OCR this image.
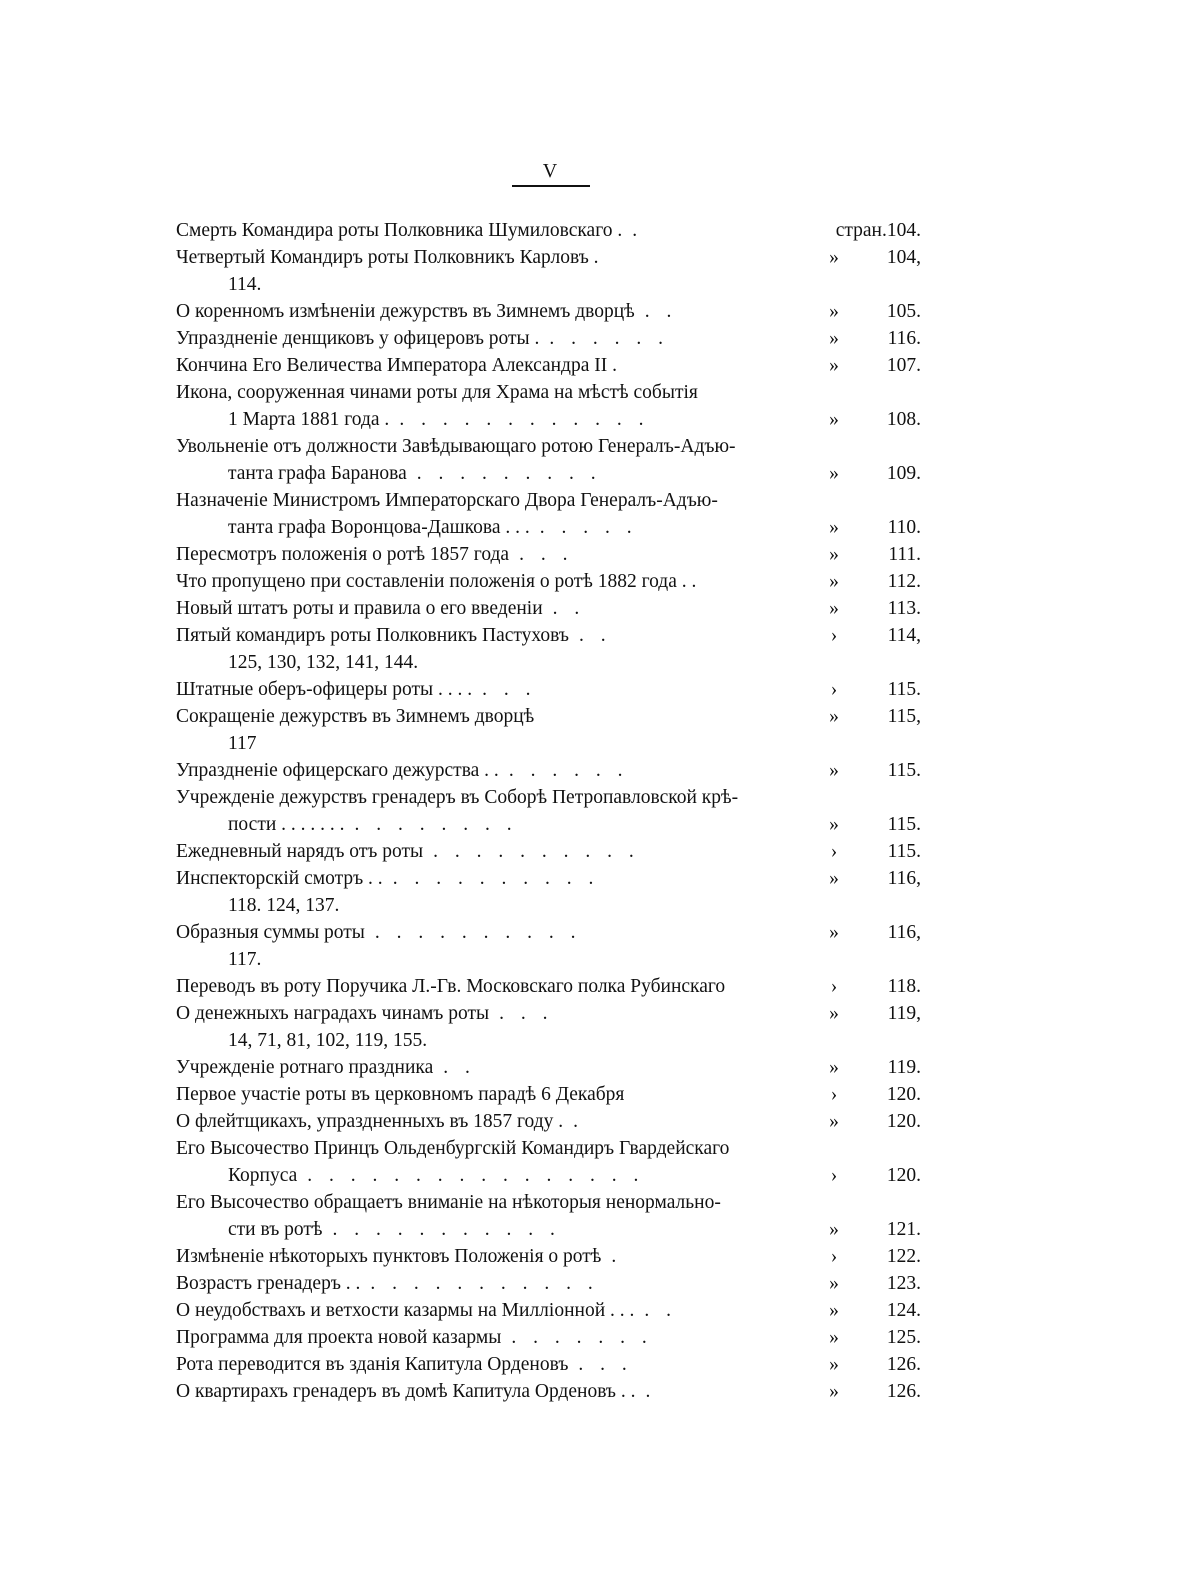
V
Смерть Командира роты Полковника Шумиловскаго . .	стран.104.
Четвертый Командиръ роты Полковникъ Карловъ .	»	104,
114.
О коренномъ измѣненіи дежурствъ въ Зимнемъ дворцѣ . .	»	105.
Упраздненіе денщиковъ у офицеровъ роты . . . . . . .	»	116.
Кончина Его Величества Императора Александра II .	»	107.
Икона, сооруженная чинами роты для Храма на мѣстѣ событія
1 Марта 1881 года . . . . . . . . . . . . .	»	108.
Увольненіе отъ должности Завѣдывающаго ротою Генералъ-Адъю-
танта графа Баранова . . . . . . . . .	»	109.
Назначеніе Министромъ Императорскаго Двора Генералъ-Адъю-
танта графа Воронцова-Дашкова . . . . . . . .	»	110.
Пересмотръ положенія о ротѣ 1857 года . . .	»	111.
Что пропущено при составленіи положенія о ротѣ 1882 года . .	»	112.
Новый штатъ роты и правила о его введеніи . .	»	113.
Пятый командиръ роты Полковникъ Пастуховъ . .	›	114,
125, 130, 132, 141, 144.
Штатные оберъ-офицеры роты . . . . . . .	›	115.
Сокращеніе дежурствъ въ Зимнемъ дворцѣ	»	115,
117
Упраздненіе офицерскаго дежурства . . . . . . . .	»	115.
Учрежденіе дежурствъ гренадеръ въ Соборѣ Петропавловской крѣ-
пости . . . . . . . . . . . . . . .	»	115.
Ежедневный нарядъ отъ роты . . . . . . . . . .	›	115.
Инспекторскій смотръ . . . . . . . . . . . .	»	116,
118. 124, 137.
Образныя суммы роты . . . . . . . . . .	»	116,
117.
Переводъ въ роту Поручика Л.-Гв. Московскаго полка Рубинскаго	›	118.
О денежныхъ наградахъ чинамъ роты . . .	»	119,
14, 71, 81, 102, 119, 155.
Учрежденіе ротнаго праздника . .	»	119.
Первое участіе роты въ церковномъ парадѣ 6 Декабря	›	120.
О флейтщикахъ, упраздненныхъ въ 1857 году . .	»	120.
Его Высочество Принцъ Ольденбургскій Командиръ Гвардейскаго
Корпуса . . . . . . . . . . . . . . . .	›	120.
Его Высочество обращаетъ вниманіе на нѣкоторыя ненормально-
сти въ ротѣ . . . . . . . . . . .	»	121.
Измѣненіе нѣкоторыхъ пунктовъ Положенія о ротѣ .	›	122.
Возрастъ гренадеръ . . . . . . . . . . . . .	»	123.
О неудобствахъ и ветхости казармы на Милліонной . . . . .	»	124.
Программа для проекта новой казармы . . . . . . .	»	125.
Рота переводится въ зданія Капитула Орденовъ . . .	»	126.
О квартирахъ гренадеръ въ домѣ Капитула Орденовъ . . .	»	126.
